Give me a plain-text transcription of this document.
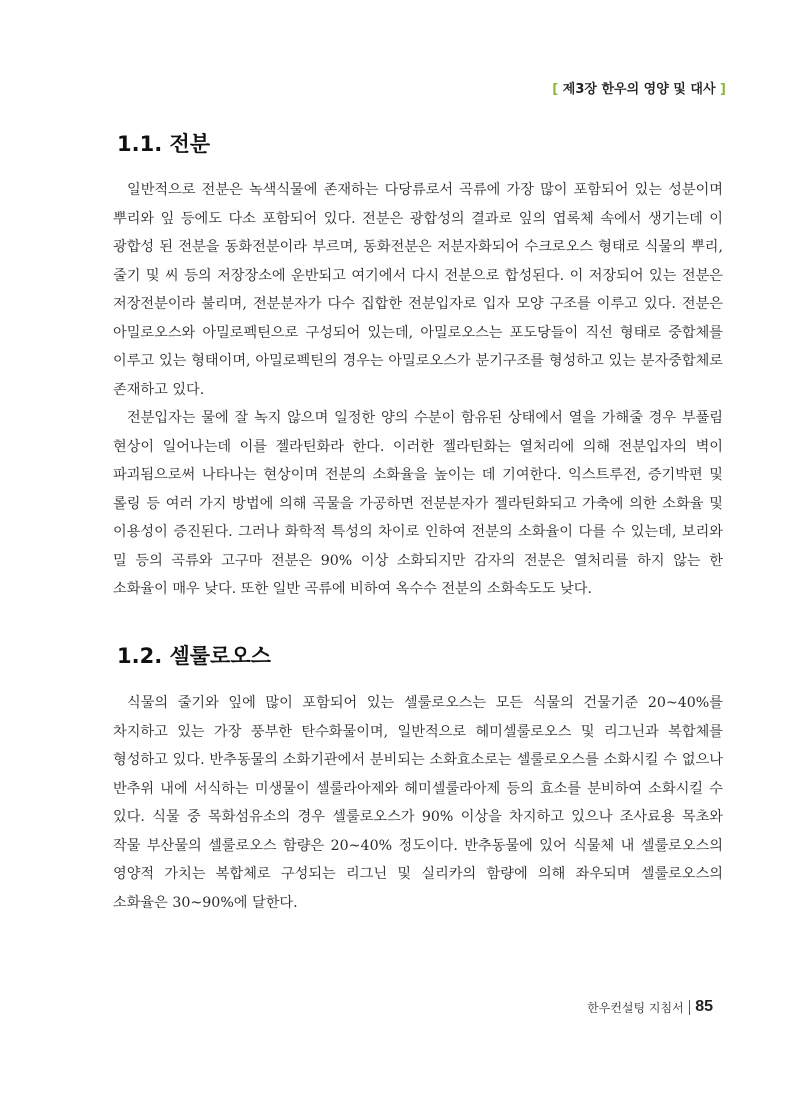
[ 제3장 한우의 영양 및 대사 ]
1.1. 전분

일반적으로 전분은 녹색식물에 존재하는 다당류로서 곡류에 가장 많이 포함되어 있는 성분이며 뿌리와 잎 등에도 다소 포함되어 있다. 전분은 광합성의 결과로 잎의 엽록체 속에서 생기는데 이 광합성 된 전분을 동화전분이라 부르며, 동화전분은 저분자화되어 수크로오스 형태로 식물의 뿌리, 줄기 및 씨 등의 저장장소에 운반되고 여기에서 다시 전분으로 합성된다. 이 저장되어 있는 전분은 저장전분이라 불리며, 전분분자가 다수 집합한 전분입자로 입자 모양 구조를 이루고 있다. 전분은 아밀로오스와 아밀로펙틴으로 구성되어 있는데, 아밀로오스는 포도당들이 직선 형태로 중합체를 이루고 있는 형태이며, 아밀로펙틴의 경우는 아밀로오스가 분기구조를 형성하고 있는 분자중합체로 존재하고 있다.

전분입자는 물에 잘 녹지 않으며 일정한 양의 수분이 함유된 상태에서 열을 가해줄 경우 부풀림 현상이 일어나는데 이를 젤라틴화라 한다. 이러한 젤라틴화는 열처리에 의해 전분입자의 벽이 파괴됨으로써 나타나는 현상이며 전분의 소화율을 높이는 데 기여한다. 익스트루전, 증기박편 및 롤링 등 여러 가지 방법에 의해 곡물을 가공하면 전분분자가 젤라틴화되고 가축에 의한 소화율 및 이용성이 증진된다. 그러나 화학적 특성의 차이로 인하여 전분의 소화율이 다를 수 있는데, 보리와 밀 등의 곡류와 고구마 전분은 90% 이상 소화되지만 감자의 전분은 열처리를 하지 않는 한 소화율이 매우 낮다. 또한 일반 곡류에 비하여 옥수수 전분의 소화속도도 낮다.

1.2. 셀룰로오스

식물의 줄기와 잎에 많이 포함되어 있는 셀룰로오스는 모든 식물의 건물기준 20~40%를 차지하고 있는 가장 풍부한 탄수화물이며, 일반적으로 헤미셀룰로오스 및 리그닌과 복합체를 형성하고 있다. 반추동물의 소화기관에서 분비되는 소화효소로는 셀룰로오스를 소화시킬 수 없으나 반추위 내에 서식하는 미생물이 셀룰라아제와 헤미셀룰라아제 등의 효소를 분비하여 소화시킬 수 있다. 식물 중 목화섬유소의 경우 셀룰로오스가 90% 이상을 차지하고 있으나 조사료용 목초와 작물 부산물의 셀룰로오스 함량은 20~40% 정도이다. 반추동물에 있어 식물체 내 셀룰로오스의 영양적 가치는 복합체로 구성되는 리그닌 및 실리카의 함량에 의해 좌우되며 셀룰로오스의 소화율은 30~90%에 달한다.

한우컨설팅 지침서 85
